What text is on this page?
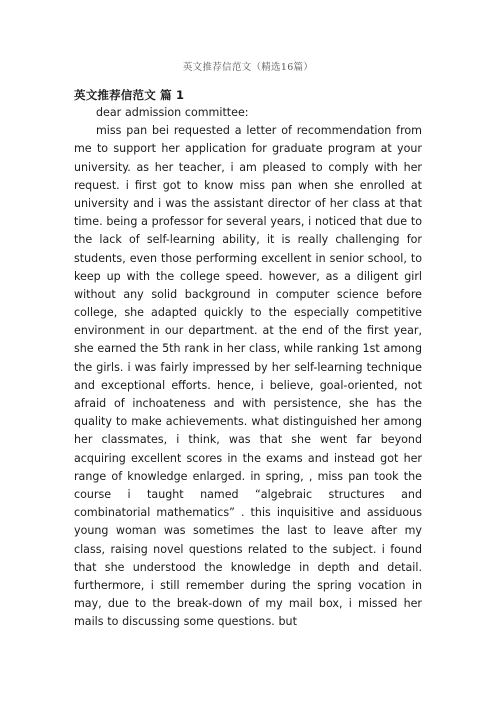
英文推荐信范文（精选16篇）
英文推荐信范文 篇 1

dear admission committee:

miss pan bei requested a letter of recommendation from me to support her application for graduate program at your university. as her teacher, i am pleased to comply with her request. i first got to know miss pan when she enrolled at university and i was the assistant director of her class at that time. being a professor for several years, i noticed that due to the lack of self-learning ability, it is really challenging for students, even those performing excellent in senior school, to keep up with the college speed. however, as a diligent girl without any solid background in computer science before college, she adapted quickly to the especially competitive environment in our department. at the end of the first year, she earned the 5th rank in her class, while ranking 1st among the girls. i was fairly impressed by her self-learning technique and exceptional efforts. hence, i believe, goal-oriented, not afraid of inchoateness and with persistence, she has the quality to make achievements. what distinguished her among her classmates, i think, was that she went far beyond acquiring excellent scores in the exams and instead got her range of knowledge enlarged. in spring, , miss pan took the course i taught named “algebraic structures and combinatorial mathematics” . this inquisitive and assiduous young woman was sometimes the last to leave after my class, raising novel questions related to the subject. i found that she understood the knowledge in depth and detail. furthermore, i still remember during the spring vocation in may, due to the break-down of my mail box, i missed her mails to discussing some questions. but
